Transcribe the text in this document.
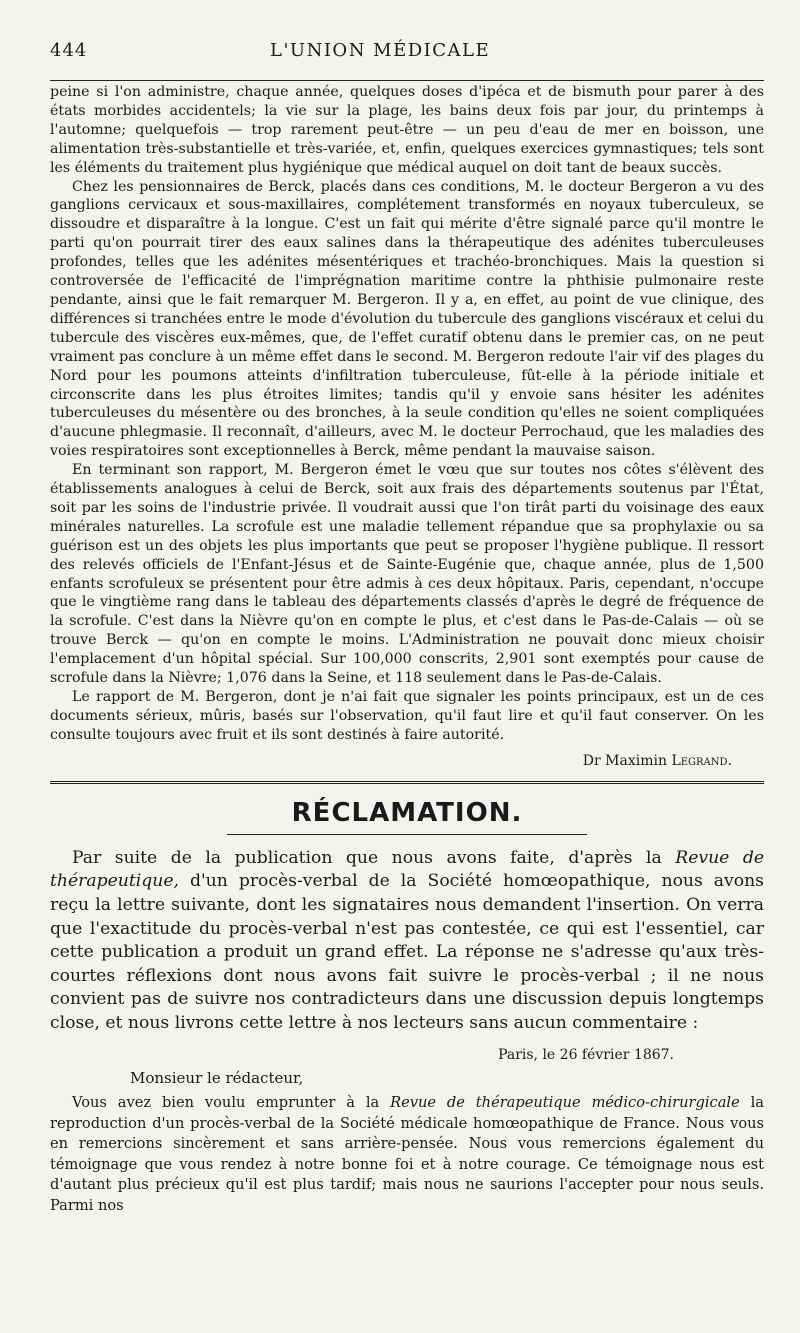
444	L'UNION MÉDICALE

peine si l'on administre, chaque année, quelques doses d'ipéca et de bismuth pour parer à des états morbides accidentels; la vie sur la plage, les bains deux fois par jour, du printemps à l'automne; quelquefois — trop rarement peut-être — un peu d'eau de mer en boisson, une alimentation très-substantielle et très-variée, et, enfin, quelques exercices gymnastiques; tels sont les éléments du traitement plus hygiénique que médical auquel on doit tant de beaux succès.

Chez les pensionnaires de Berck, placés dans ces conditions, M. le docteur Bergeron a vu des ganglions cervicaux et sous-maxillaires, complétement transformés en noyaux tuberculeux, se dissoudre et disparaître à la longue. C'est un fait qui mérite d'être signalé parce qu'il montre le parti qu'on pourrait tirer des eaux salines dans la thérapeutique des adénites tuberculeuses profondes, telles que les adénites mésentériques et trachéo-bronchiques. Mais la question si controversée de l'efficacité de l'imprégnation maritime contre la phthisie pulmonaire reste pendante, ainsi que le fait remarquer M. Bergeron. Il y a, en effet, au point de vue clinique, des différences si tranchées entre le mode d'évolution du tubercule des ganglions viscéraux et celui du tubercule des viscères eux-mêmes, que, de l'effet curatif obtenu dans le premier cas, on ne peut vraiment pas conclure à un même effet dans le second. M. Bergeron redoute l'air vif des plages du Nord pour les poumons atteints d'infiltration tuberculeuse, fût-elle à la période initiale et circonscrite dans les plus étroites limites; tandis qu'il y envoie sans hésiter les adénites tuberculeuses du mésentère ou des bronches, à la seule condition qu'elles ne soient compliquées d'aucune phlegmasie. Il reconnaît, d'ailleurs, avec M. le docteur Perrochaud, que les maladies des voies respiratoires sont exceptionnelles à Berck, même pendant la mauvaise saison.

En terminant son rapport, M. Bergeron émet le vœu que sur toutes nos côtes s'élèvent des établissements analogues à celui de Berck, soit aux frais des départements soutenus par l'État, soit par les soins de l'industrie privée. Il voudrait aussi que l'on tirât parti du voisinage des eaux minérales naturelles. La scrofule est une maladie tellement répandue que sa prophylaxie ou sa guérison est un des objets les plus importants que peut se proposer l'hygiène publique. Il ressort des relevés officiels de l'Enfant-Jésus et de Sainte-Eugénie que, chaque année, plus de 1,500 enfants scrofuleux se présentent pour être admis à ces deux hôpitaux. Paris, cependant, n'occupe que le vingtième rang dans le tableau des départements classés d'après le degré de fréquence de la scrofule. C'est dans la Nièvre qu'on en compte le plus, et c'est dans le Pas-de-Calais — où se trouve Berck — qu'on en compte le moins. L'Administration ne pouvait donc mieux choisir l'emplacement d'un hôpital spécial. Sur 100,000 conscrits, 2,901 sont exemptés pour cause de scrofule dans la Nièvre; 1,076 dans la Seine, et 118 seulement dans le Pas-de-Calais.

Le rapport de M. Bergeron, dont je n'ai fait que signaler les points principaux, est un de ces documents sérieux, mûris, basés sur l'observation, qu'il faut lire et qu'il faut conserver. On les consulte toujours avec fruit et ils sont destinés à faire autorité.

Dr Maximin Legrand.
RÉCLAMATION.

Par suite de la publication que nous avons faite, d'après la Revue de thérapeutique, d'un procès-verbal de la Société homœopathique, nous avons reçu la lettre suivante, dont les signataires nous demandent l'insertion. On verra que l'exactitude du procès-verbal n'est pas contestée, ce qui est l'essentiel, car cette publication a produit un grand effet. La réponse ne s'adresse qu'aux très-courtes réflexions dont nous avons fait suivre le procès-verbal ; il ne nous convient pas de suivre nos contradicteurs dans une discussion depuis longtemps close, et nous livrons cette lettre à nos lecteurs sans aucun commentaire :

Paris, le 26 février 1867.
Monsieur le rédacteur,

Vous avez bien voulu emprunter à la Revue de thérapeutique médico-chirurgicale la reproduction d'un procès-verbal de la Société médicale homœopathique de France. Nous vous en remercions sincèrement et sans arrière-pensée. Nous vous remercions également du témoignage que vous rendez à notre bonne foi et à notre courage. Ce témoignage nous est d'autant plus précieux qu'il est plus tardif; mais nous ne saurions l'accepter pour nous seuls. Parmi nos
